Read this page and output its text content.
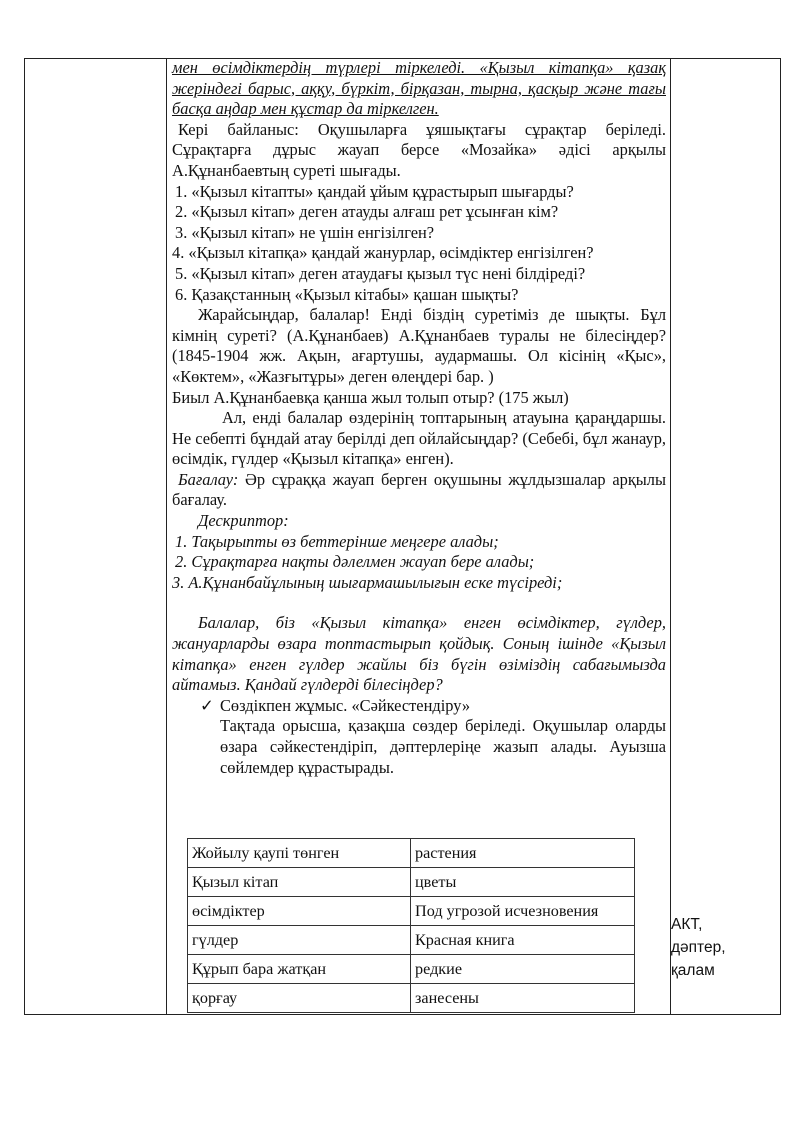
мен өсімдіктердің түрлері тіркеледі. «Қызыл кітапқа» қазақ жеріндегі барыс, аққу, бүркіт, бірқазан, тырна, қасқыр және тағы басқа аңдар мен құстар да тіркелген.

Кері байланыс: Оқушыларға ұяшықтағы сұрақтар беріледі. Сұрақтарға дұрыс жауап берсе «Мозайка» әдісі арқылы А.Құнанбаевтың суреті шығады.

1. «Қызыл кітапты» қандай ұйым құрастырып шығарды?

2. «Қызыл кітап» деген атауды алғаш рет ұсынған кім?

3. «Қызыл кітап» не үшін енгізілген?

4. «Қызыл кітапқа» қандай жанурлар, өсімдіктер енгізілген?

5. «Қызыл кітап» деген атаудағы қызыл түс нені білдіреді?

6. Қазақстанның «Қызыл кітабы» қашан шықты?

Жарайсыңдар, балалар! Енді біздің суретіміз де шықты. Бұл кімнің суреті? (А.Құнанбаев) А.Құнанбаев туралы не білесіңдер? (1845-1904 жж. Ақын, ағартушы, аудармашы. Ол кісінің «Қыс», «Көктем», «Жазғытұры» деген өлеңдері бар. )

Биыл А.Құнанбаевқа қанша жыл толып отыр? (175 жыл)

Ал, енді балалар өздерінің топтарының атауына қараңдаршы. Не себепті бұндай атау берілді деп ойлайсыңдар? (Себебі, бұл жанаур, өсімдік, гүлдер «Қызыл кітапқа» енген).

Бағалау: Әр сұраққа жауап берген оқушыны жұлдызшалар арқылы бағалау.

Дескриптор:

1. Тақырыпты өз беттерінше меңгере алады;

2. Сұрақтарға нақты дәлелмен жауап бере алады;

3. А.Құнанбайұлының шығармашылығын еске түсіреді;

Балалар, біз «Қызыл кітапқа» енген өсімдіктер, гүлдер, жануарларды өзара топтастырып қойдық. Соның ішінде «Қызыл кітапқа» енген гүлдер жайлы біз бүгін өзіміздің сабағымызда айтамыз. Қандай гүлдерді білесіңдер?

✓ Сөздікпен жұмыс. «Сәйкестендіру»

Тақтада орысша, қазақша сөздер беріледі. Оқушылар оларды өзара сәйкестендіріп, дәптерлеріңе жазып алады. Ауызша сөйлемдер құрастырады.

Жойылу қаупі төнген	растения
Қызыл кітап	цветы
өсімдіктер	Под угрозой исчезновения
гүлдер	Красная книга
Құрып бара жатқан	редкие
қорғау	занесены
АКТ,
дәптер,
қалам
